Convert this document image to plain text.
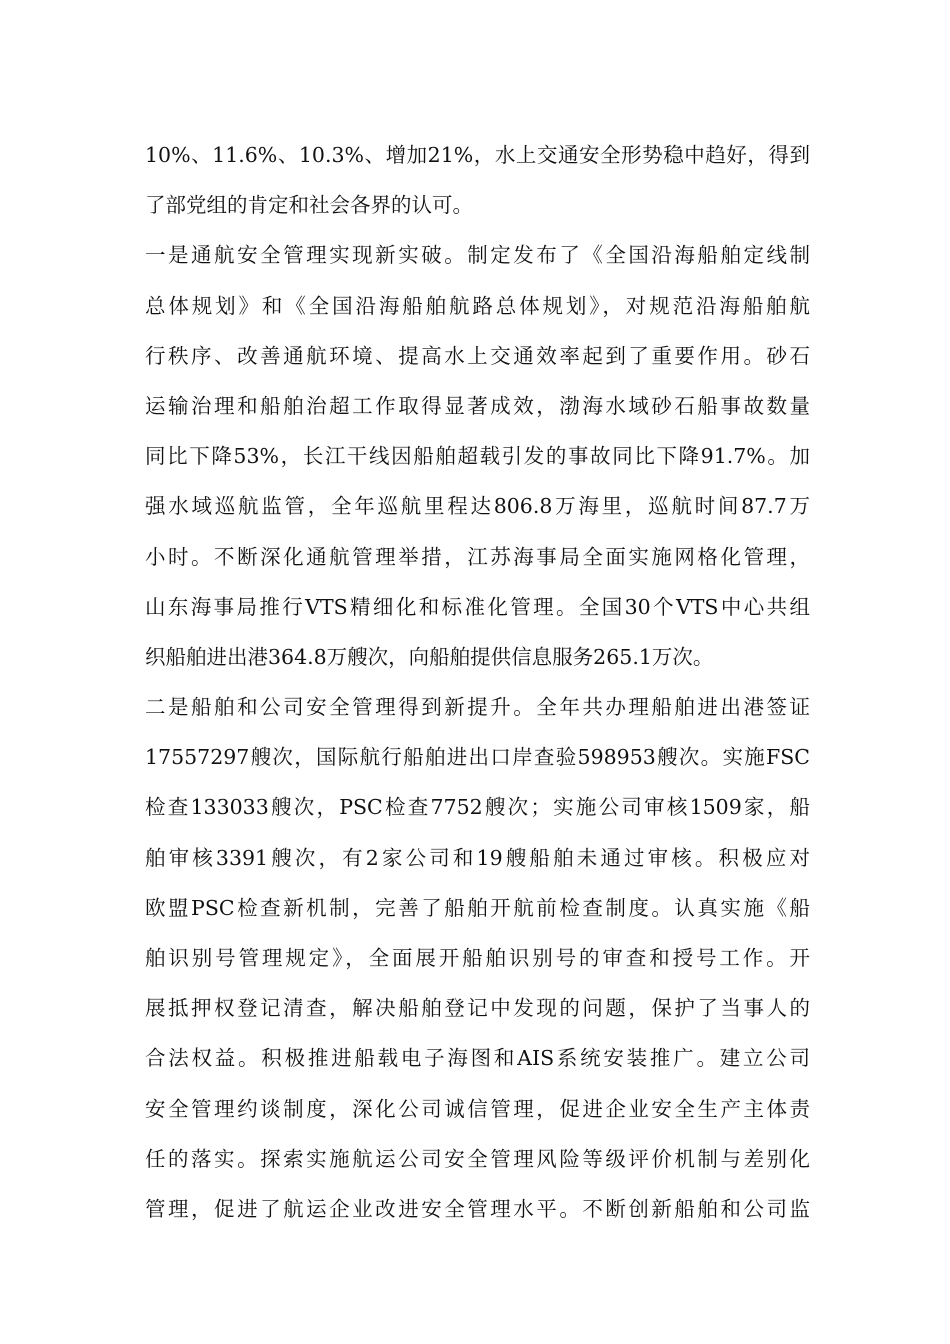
10%、11.6%、10.3%、增加21%，水上交通安全形势稳中趋好，得到
了部党组的肯定和社会各界的认可。
一是通航安全管理实现新实破。制定发布了《全国沿海船舶定线制
总体规划》和《全国沿海船舶航路总体规划》，对规范沿海船舶航
行秩序、改善通航环境、提高水上交通效率起到了重要作用。砂石
运输治理和船舶治超工作取得显著成效，渤海水域砂石船事故数量
同比下降53%，长江干线因船舶超载引发的事故同比下降91.7%。加
强水域巡航监管，全年巡航里程达806.8万海里，巡航时间87.7万
小时。不断深化通航管理举措，江苏海事局全面实施网格化管理，
山东海事局推行VTS精细化和标准化管理。全国30个VTS中心共组
织船舶进出港364.8万艘次，向船舶提供信息服务265.1万次。
二是船舶和公司安全管理得到新提升。全年共办理船舶进出港签证
17557297艘次，国际航行船舶进出口岸查验598953艘次。实施FSC
检查133033艘次，PSC检查7752艘次；实施公司审核1509家，船
舶审核3391艘次，有2家公司和19艘船舶未通过审核。积极应对
欧盟PSC检查新机制，完善了船舶开航前检查制度。认真实施《船
舶识别号管理规定》，全面展开船舶识别号的审查和授号工作。开
展抵押权登记清查，解决船舶登记中发现的问题，保护了当事人的
合法权益。积极推进船载电子海图和AIS系统安装推广。建立公司
安全管理约谈制度，深化公司诚信管理，促进企业安全生产主体责
任的落实。探索实施航运公司安全管理风险等级评价机制与差别化
管理，促进了航运企业改进安全管理水平。不断创新船舶和公司监
